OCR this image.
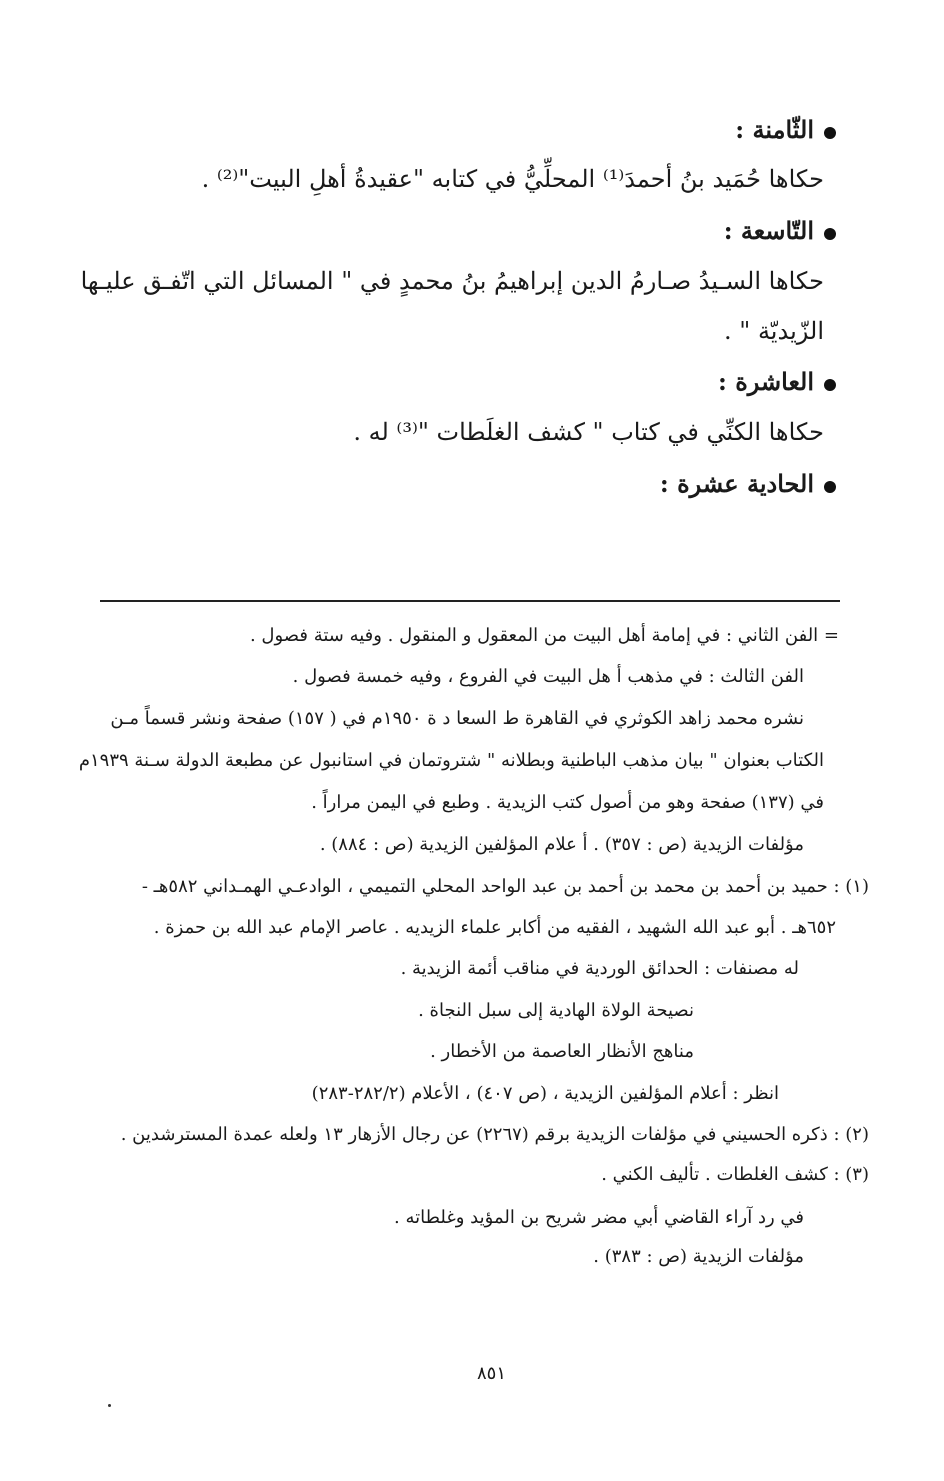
الثّامنة :
حكاها حُمَيد بنُ أحمدَ⁽¹⁾ المحلِّيُّ في كتابه "عقيدةُ أهلِ البيت"⁽²⁾ .
التّاسعة :
حكاها السـيدُ صـارمُ الدين إبراهيمُ بنُ محمدٍ في " المسائل التي اتّفـق عليـها
الزّيديّة " .
العاشرة :
حكاها الكنِّي في كتاب " كشف الغلَطات "⁽³⁾ له .
الحادية عشرة :
= الفن الثاني : في إمامة أهل البيت من المعقول و المنقول . وفيه ستة فصول .
الفن الثالث : في مذهب أ هل البيت في الفروع ، وفيه خمسة فصول .
نشره محمد زاهد الكوثري في القاهرة ط السعا د ة ١٩٥٠م في ( ١٥٧) صفحة ونشر قسماً مـن
الكتاب بعنوان " بيان مذهب الباطنية وبطلانه " شتروتمان في استانبول عن مطبعة الدولة سـنة ١٩٣٩م
في (١٣٧) صفحة وهو من أصول كتب الزيدية . وطبع في اليمن مراراً .
مؤلفات الزيدية (ص : ٣٥٧) . أ علام المؤلفين الزيدية (ص : ٨٨٤) .
(١) : حميد بن أحمد بن محمد بن أحمد بن عبد الواحد المحلي التميمي ، الوادعـي الهمـداني ٥٨٢هـ -
٦٥٢هـ . أبو عبد الله الشهيد ، الفقيه من أكابر علماء الزيديه . عاصر الإمام عبد الله بن حمزة .
له مصنفات : الحدائق الوردية في مناقب أئمة الزيدية .
نصيحة الولاة الهادية إلى سبل النجاة .
مناهج الأنظار العاصمة من الأخطار .
انظر : أعلام المؤلفين الزيدية ، (ص ٤٠٧) ، الأعلام (٢٨٢/٢-٢٨٣)
(٢) : ذكره الحسيني في مؤلفات الزيدية برقم (٢٢٦٧) عن رجال الأزهار ١٣ ولعله عمدة المسترشدين .
(٣) : كشف الغلطات . تأليف الكني .
في رد آراء القاضي أبي مضر شريح بن المؤيد وغلطاته .
مؤلفات الزيدية (ص : ٣٨٣) .
٨٥١
